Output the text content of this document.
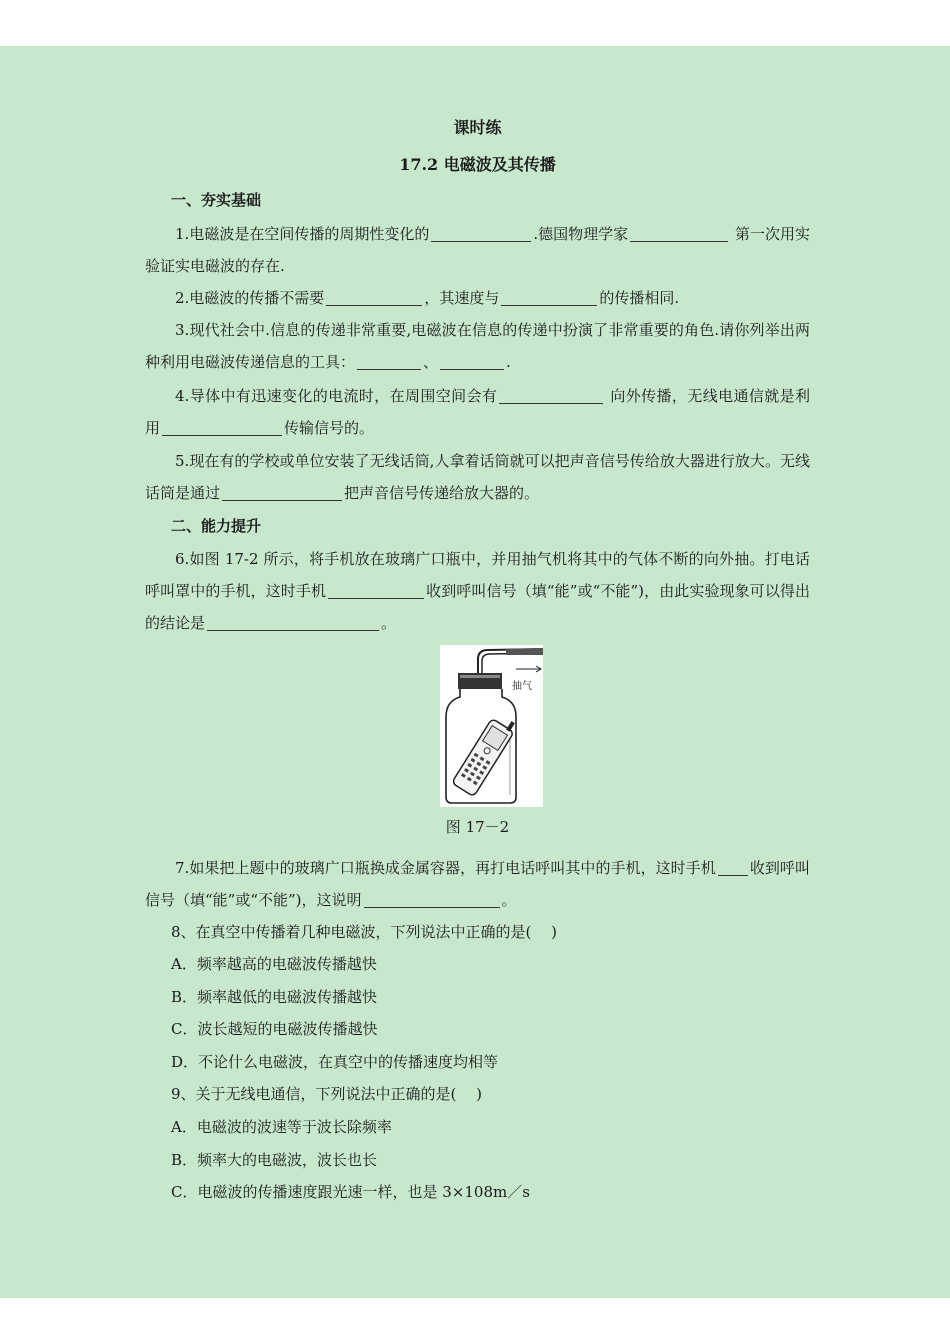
课时练
17.2 电磁波及其传播
一、夯实基础

1.电磁波是在空间传播的周期性变化的	.德国物理学家	第一次用实验证实电磁波的存在.

2.电磁波的传播不需要	，其速度与	的传播相同.

3.现代社会中.信息的传递非常重要,电磁波在信息的传递中扮演了非常重要的角色.请你列举出两种利用电磁波传递信息的工具：	、	.

4.导体中有迅速变化的电流时，在周围空间会有	向外传播，无线电通信就是利用	传输信号的。

5.现在有的学校或单位安装了无线话筒,人拿着话筒就可以把声音信号传给放大器进行放大。无线话筒是通过	把声音信号传递给放大器的。

二、能力提升

6.如图 17-2 所示，将手机放在玻璃广口瓶中，并用抽气机将其中的气体不断的向外抽。打电话呼叫罩中的手机，这时手机	收到呼叫信号（填“能”或“不能”)，由此实验现象可以得出的结论是	。

抽气
图 17－2

7.如果把上题中的玻璃广口瓶换成金属容器，再打电话呼叫其中的手机，这时手机 收到呼叫信号（填“能”或“不能”)，这说明	。

8、在真空中传播着几种电磁波，下列说法中正确的是(　 )
A．频率越高的电磁波传播越快
B．频率越低的电磁波传播越快
C．波长越短的电磁波传播越快
D．不论什么电磁波，在真空中的传播速度均相等
9、关于无线电通信，下列说法中正确的是(　 )
A．电磁波的波速等于波长除频率
B．频率大的电磁波，波长也长
C．电磁波的传播速度跟光速一样，也是 3×108m／s
